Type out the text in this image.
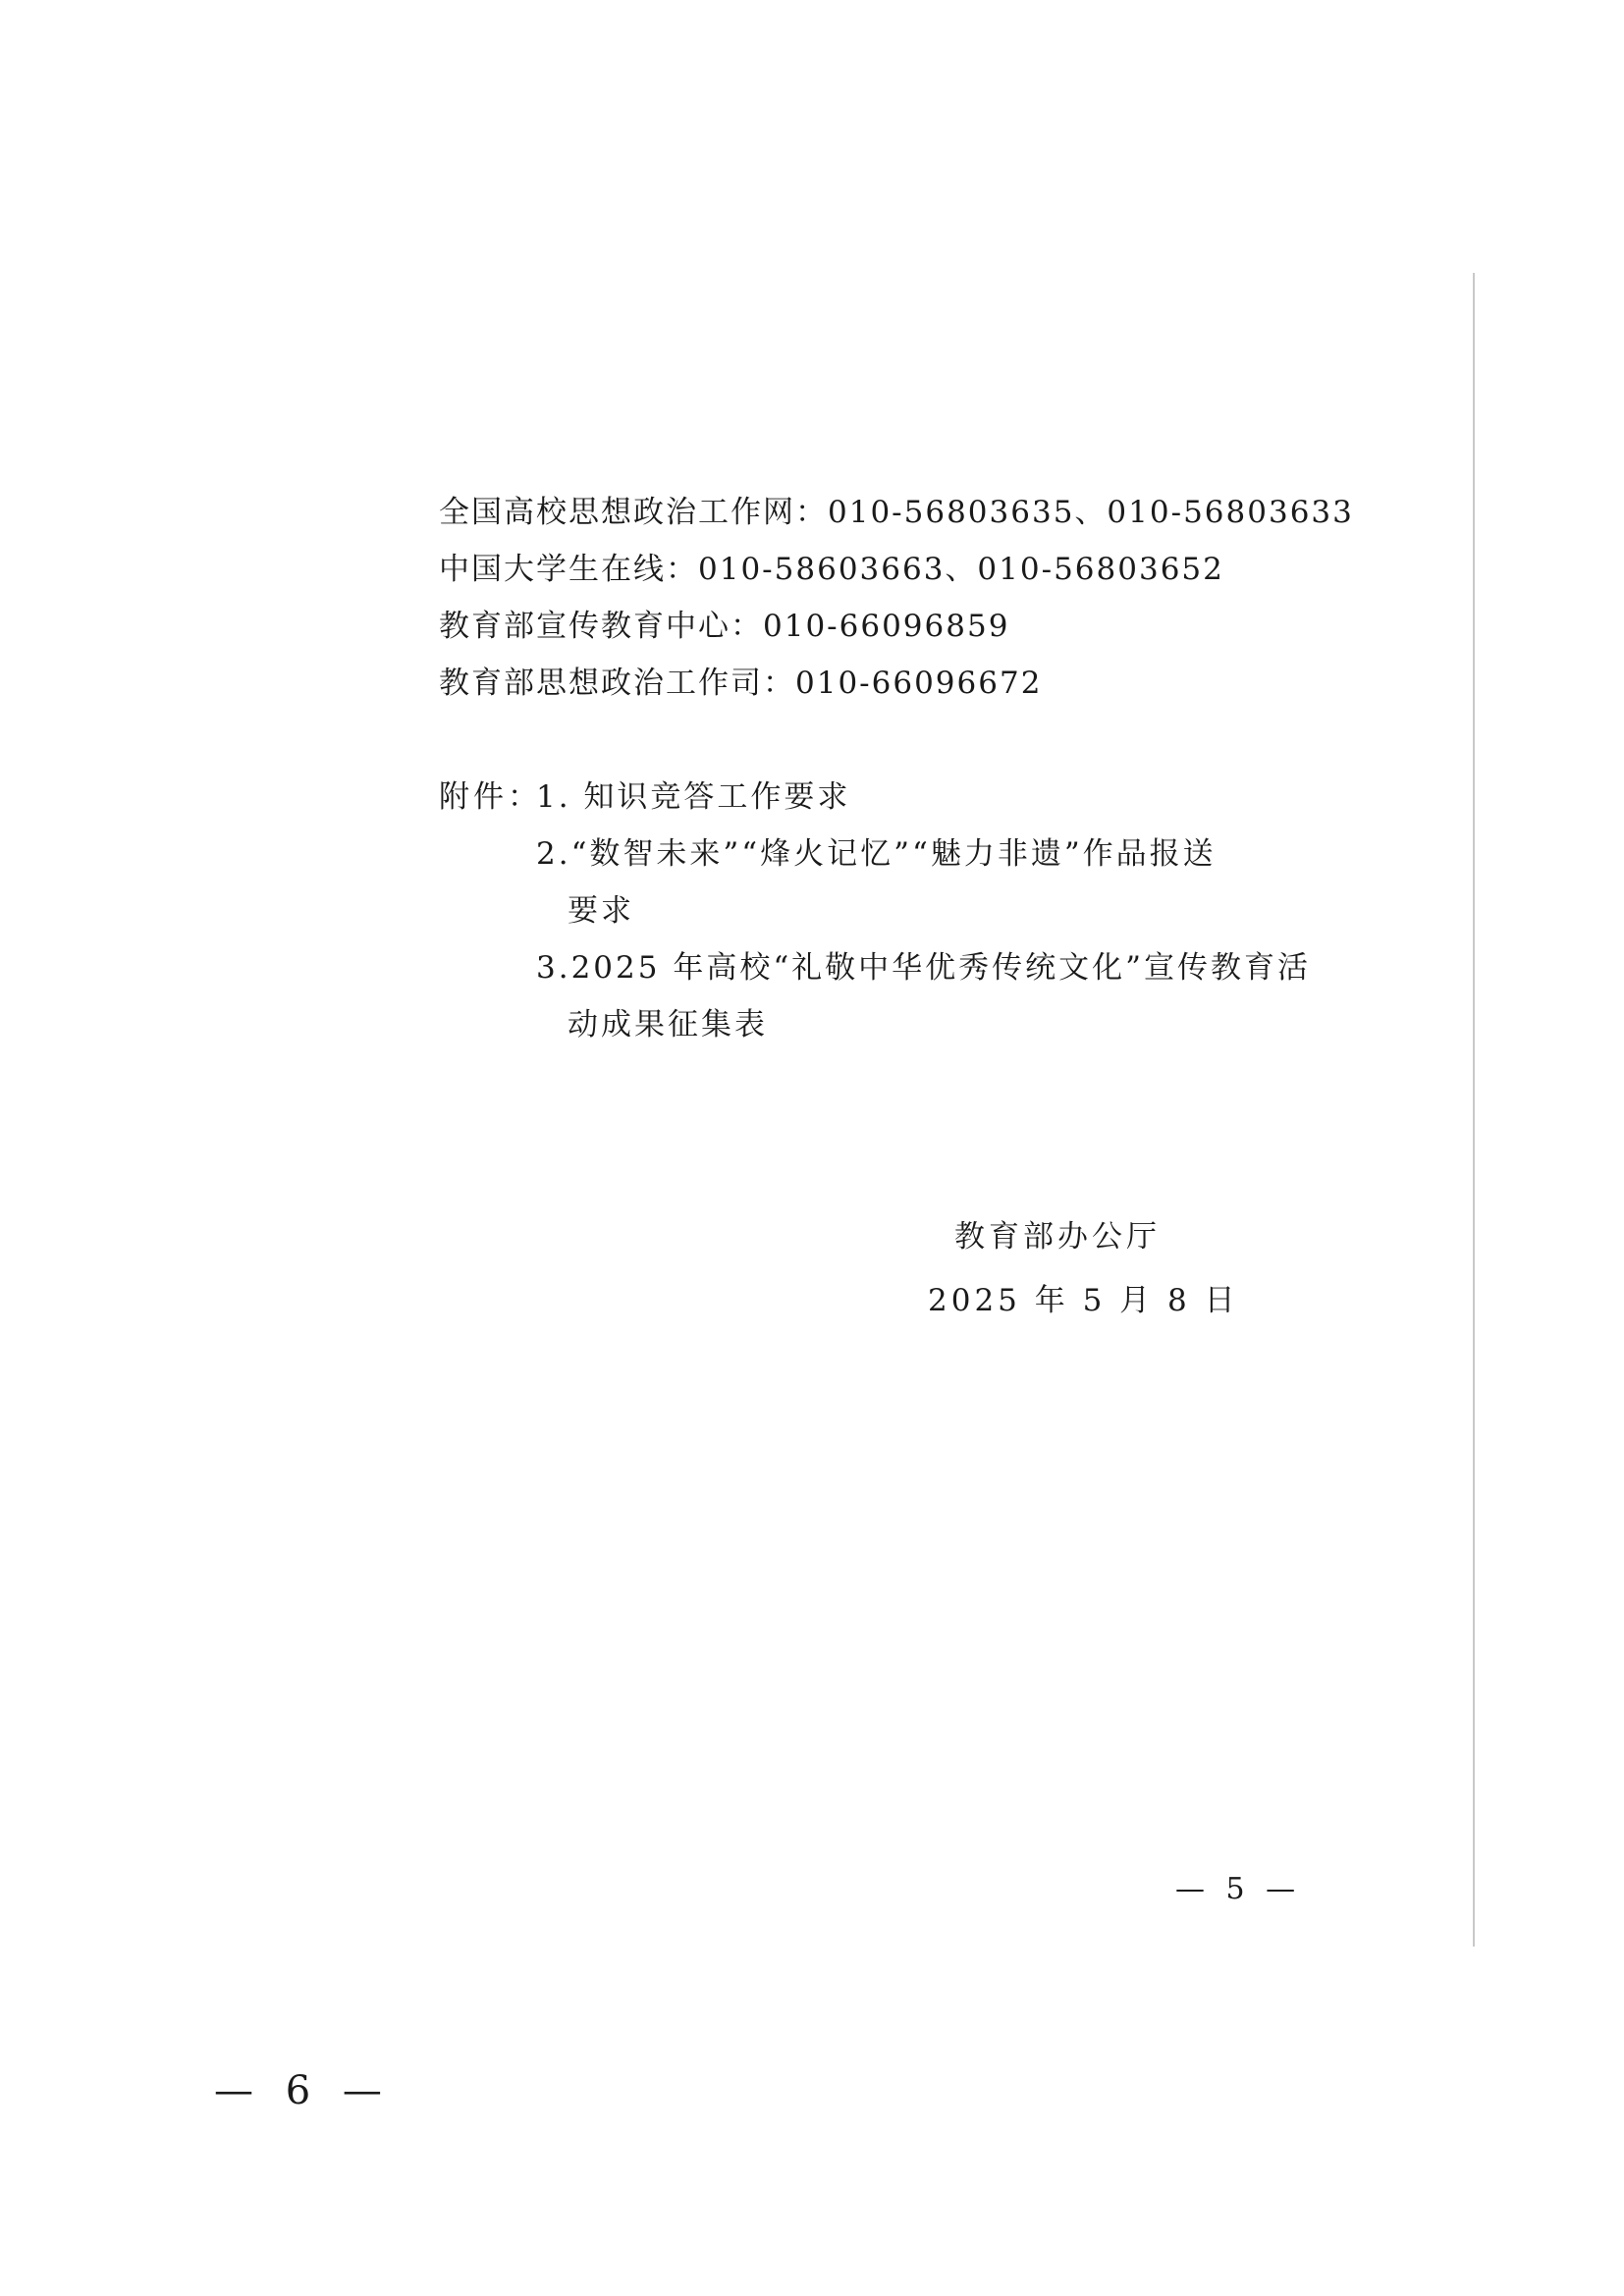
全国高校思想政治工作网：010-56803635、010-56803633
中国大学生在线：010-58603663、010-56803652
教育部宣传教育中心：010-66096859
教育部思想政治工作司：010-66096672
附件：
1. 知识竞答工作要求
2.“数智未来”“烽火记忆”“魅力非遗”作品报送
要求
3.2025 年高校“礼敬中华优秀传统文化”宣传教育活
动成果征集表
教育部办公厅
2025 年 5 月 8 日
— 5 —
— 6 —
